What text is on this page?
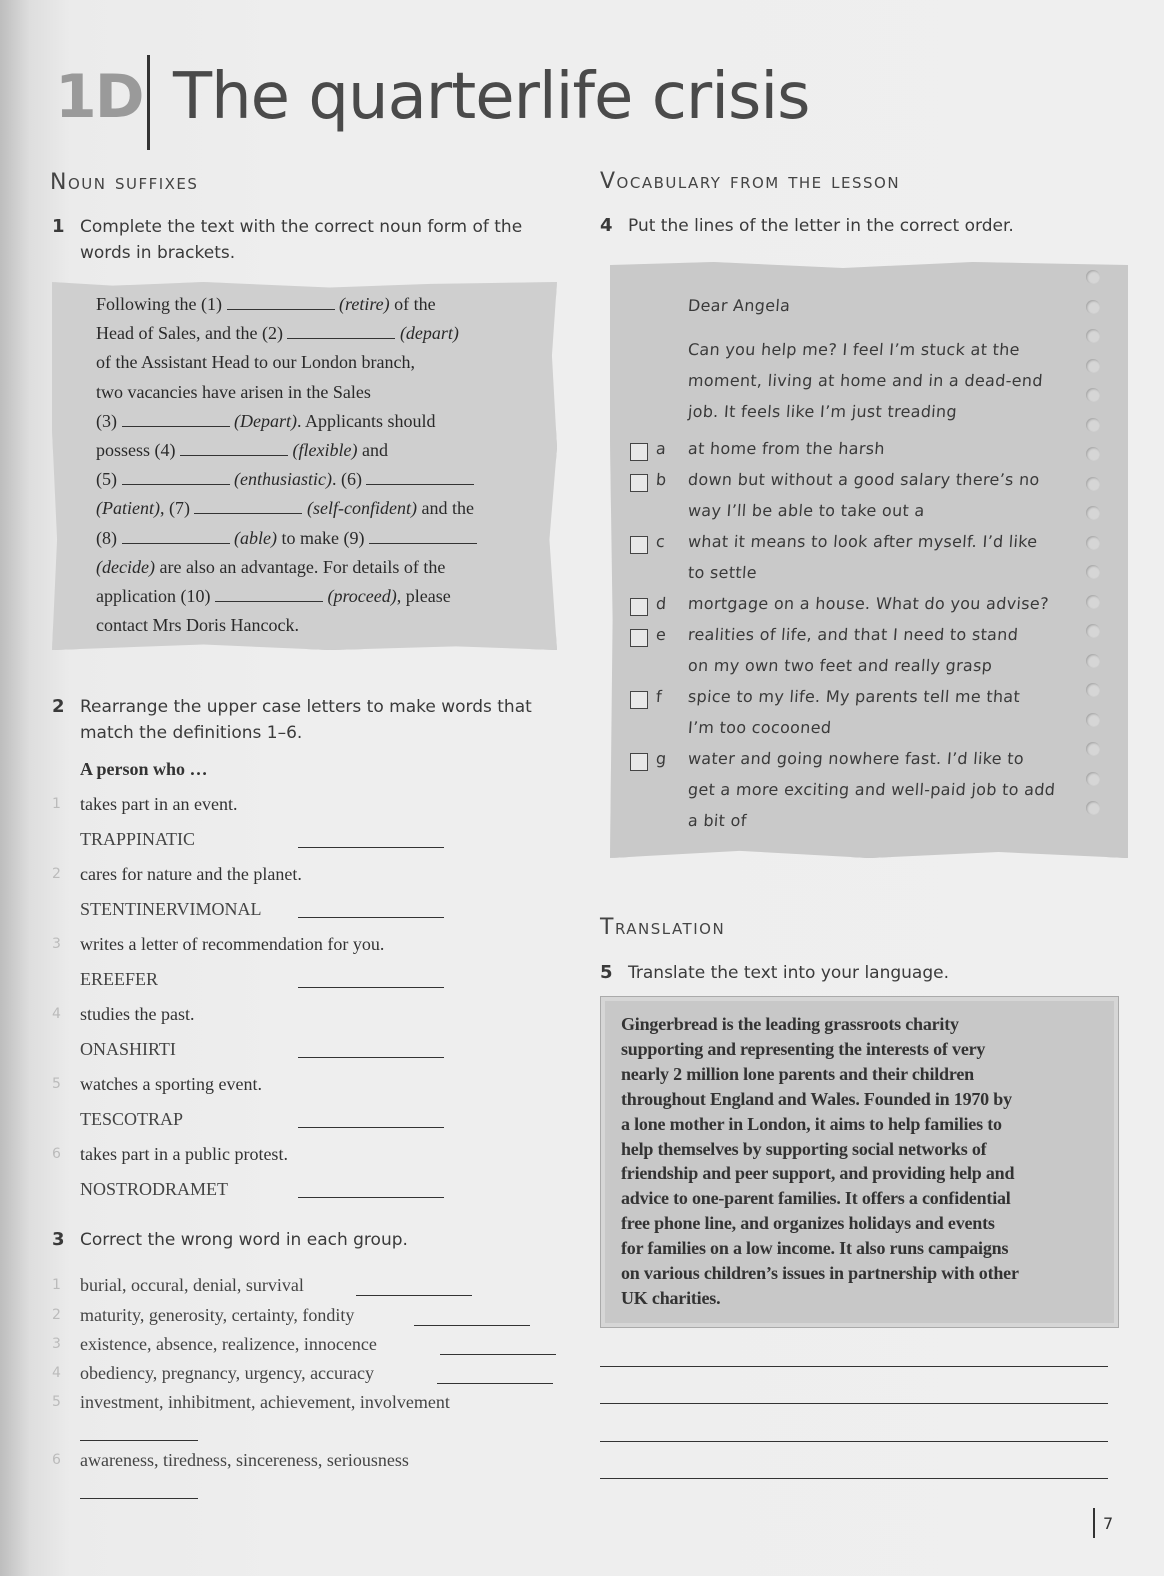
1D The quarterlife crisis
Noun suffixes
1 Complete the text with the correct noun form of the words in brackets.
Following the (1)	(retire) of the
Head of Sales, and the (2)	(depart)
of the Assistant Head to our London branch,
two vacancies have arisen in the Sales
(3)	(Depart). Applicants should
possess (4)	(flexible) and
(5)	(enthusiastic). (6)
(Patient), (7)	(self-confident) and the
(8)	(able) to make (9)
(decide) are also an advantage. For details of the
application (10)	(proceed), please
contact Mrs Doris Hancock.
2 Rearrange the upper case letters to make words that match the definitions 1–6.
A person who …
1 takes part in an event.
TRAPPINATIC
2 cares for nature and the planet.
STENTINERVIMONAL
3 writes a letter of recommendation for you.
EREEFER
4 studies the past.
ONASHIRTI
5 watches a sporting event.
TESCOTRAP
6 takes part in a public protest.
NOSTRODRAMET
3 Correct the wrong word in each group.
1 burial, occural, denial, survival
2 maturity, generosity, certainty, fondity
3 existence, absence, realizence, innocence
4 obediency, pregnancy, urgency, accuracy
5 investment, inhibitment, achievement, involvement
6 awareness, tiredness, sincereness, seriousness
Vocabulary from the lesson
4 Put the lines of the letter in the correct order.
Dear Angela
Can you help me? I feel I’m stuck at the
moment, living at home and in a dead-end
job. It feels like I’m just treading
a at home from the harsh
b down but without a good salary there’s no
way I’ll be able to take out a
c what it means to look after myself. I’d like
to settle
d mortgage on a house. What do you advise?
e realities of life, and that I need to stand
on my own two feet and really grasp
f spice to my life. My parents tell me that
I’m too cocooned
g water and going nowhere fast. I’d like to
get a more exciting and well-paid job to add
a bit of
Translation
5 Translate the text into your language.
Gingerbread is the leading grassroots charity
supporting and representing the interests of very
nearly 2 million lone parents and their children
throughout England and Wales. Founded in 1970 by
a lone mother in London, it aims to help families to
help themselves by supporting social networks of
friendship and peer support, and providing help and
advice to one-parent families. It offers a confidential
free phone line, and organizes holidays and events
for families on a low income. It also runs campaigns
on various children’s issues in partnership with other
UK charities.
7
